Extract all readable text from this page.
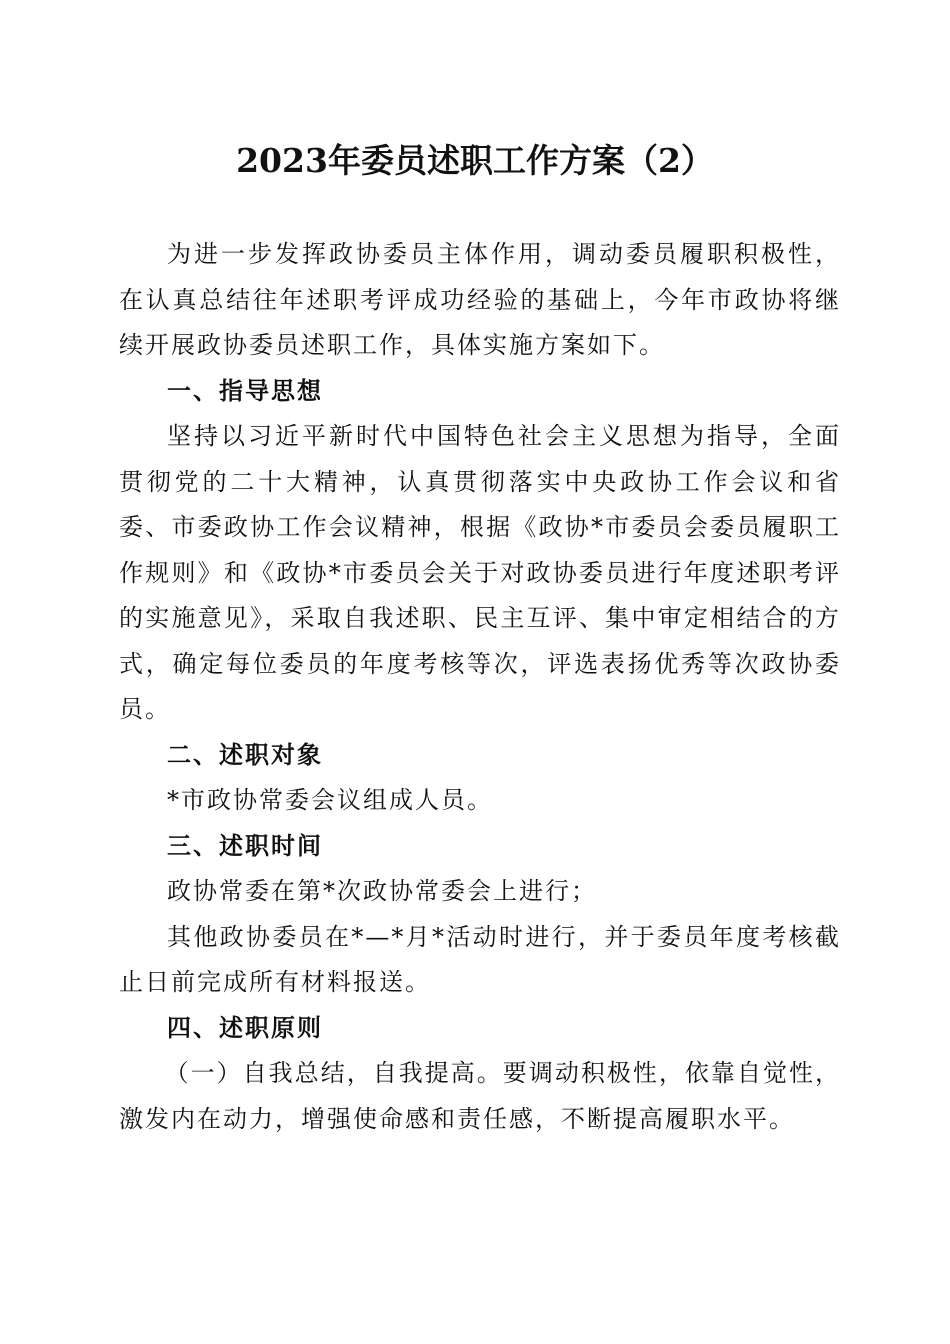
2023年委员述职工作方案（2）

为进一步发挥政协委员主体作用，调动委员履职积极性，在认真总结往年述职考评成功经验的基础上，今年市政协将继续开展政协委员述职工作，具体实施方案如下。

一、指导思想

坚持以习近平新时代中国特色社会主义思想为指导，全面贯彻党的二十大精神，认真贯彻落实中央政协工作会议和省委、市委政协工作会议精神，根据《政协*市委员会委员履职工作规则》和《政协*市委员会关于对政协委员进行年度述职考评的实施意见》，采取自我述职、民主互评、集中审定相结合的方式，确定每位委员的年度考核等次，评选表扬优秀等次政协委员。

二、述职对象

*市政协常委会议组成人员。

三、述职时间

政协常委在第*次政协常委会上进行；

其他政协委员在*—*月*活动时进行，并于委员年度考核截止日前完成所有材料报送。

四、述职原则

（一）自我总结，自我提高。要调动积极性，依靠自觉性，激发内在动力，增强使命感和责任感，不断提高履职水平。
